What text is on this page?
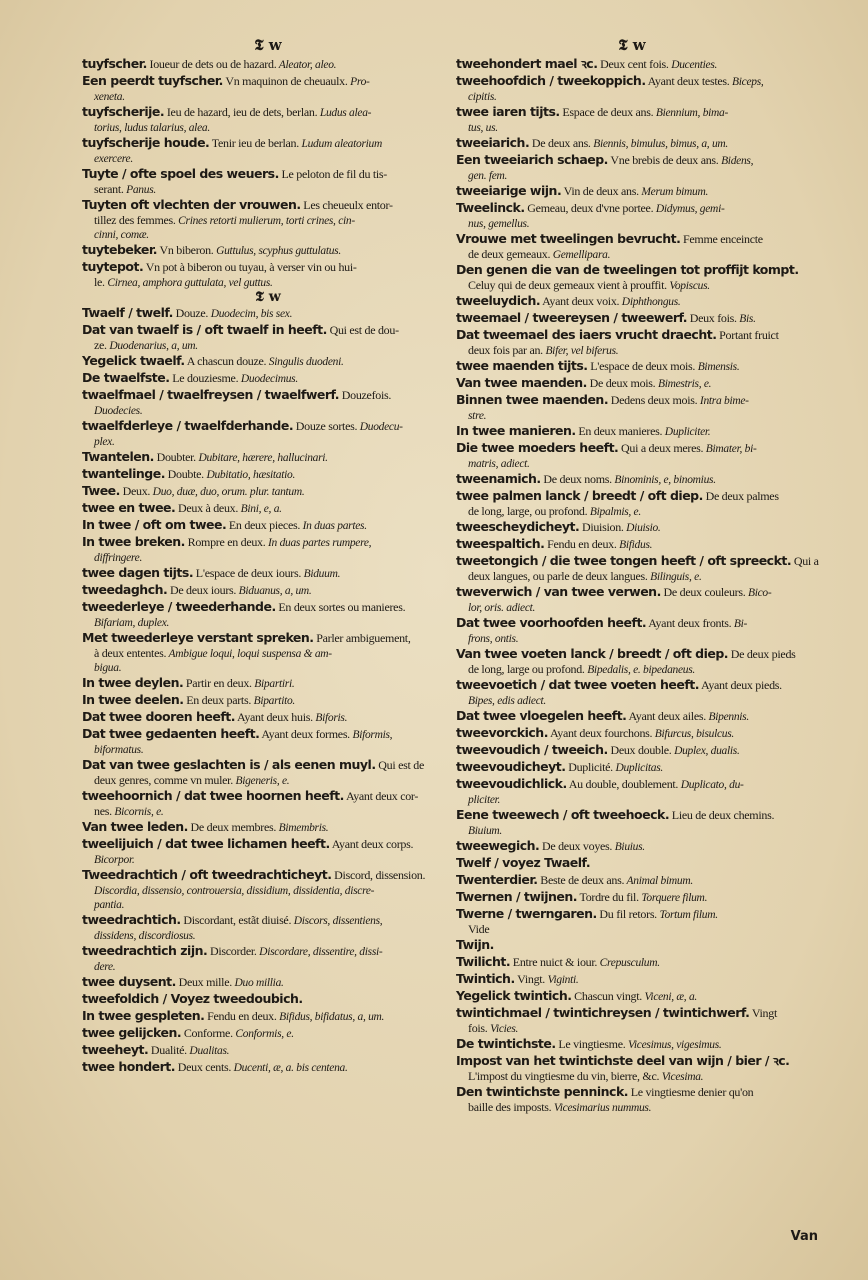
𝕿 w
tuyfscher. Ioueur de dets ou de hazard. Aleator, aleo.
Een peerdt tuyfscher. Vn maquinon de cheuaulx. Pro-
xeneta.
tuyfscherije. Ieu de hazard, ieu de dets, berlan. Ludus alea-
torius, ludus talarius, alea.
tuyfscherije houde. Tenir ieu de berlan. Ludum aleatorium
exercere.
Tuyte / ofte spoel des weuers. Le peloton de fil du tis-
serant. Panus.
Tuyten oft vlechten der vrouwen. Les cheueulx entor-
tillez des femmes. Crines retorti mulierum, torti crines, cin-
cinni, comæ.
tuytebeker. Vn biberon. Guttulus, scyphus guttulatus.
tuytepot. Vn pot à biberon ou tuyau, à verser vin ou hui-
le. Cirnea, amphora guttulata, vel guttus.
𝕿 w
Twaelf / twelf. Douze. Duodecim, bis sex.
Dat van twaelf is / oft twaelf in heeft. Qui est de dou-
ze. Duodenarius, a, um.
Yegelick twaelf. A chascun douze. Singulis duodeni.
De twaelfste. Le douziesme. Duodecimus.
twaelfmael / twaelfreysen / twaelfwerf. Douzefois.
Duodecies.
twaelfderleye / twaelfderhande. Douze sortes. Duodecu-
plex.
Twantelen. Doubter. Dubitare, hærere, hallucinari.
twantelinge. Doubte. Dubitatio, hæsitatio.
Twee. Deux. Duo, duæ, duo, orum. plur. tantum.
twee en twee. Deux à deux. Bini, e, a.
In twee / oft om twee. En deux pieces. In duas partes.
In twee breken. Rompre en deux. In duas partes rumpere,
diffringere.
twee dagen tijts. L'espace de deux iours. Biduum.
tweedaghch. De deux iours. Biduanus, a, um.
tweederleye / tweederhande. En deux sortes ou manieres.
Bifariam, duplex.
Met tweederleye verstant spreken. Parler ambiguement,
à deux ententes. Ambigue loqui, loqui suspensa & am-
bigua.
In twee deylen. Partir en deux. Bipartiri.
In twee deelen. En deux parts. Bipartito.
Dat twee dooren heeft. Ayant deux huis. Biforis.
Dat twee gedaenten heeft. Ayant deux formes. Biformis,
biformatus.
Dat van twee geslachten is / als eenen muyl. Qui est de
deux genres, comme vn muler. Bigeneris, e.
tweehoornich / dat twee hoornen heeft. Ayant deux cor-
nes. Bicornis, e.
Van twee leden. De deux membres. Bimembris.
tweelijuich / dat twee lichamen heeft. Ayant deux corps.
Bicorpor.
Tweedrachtich / oft tweedrachticheyt. Discord, dissension.
Discordia, dissensio, controuersia, dissidium, dissidentia, discre-
pantia.
tweedrachtich. Discordant, estãt diuisé. Discors, dissentiens,
dissidens, discordiosus.
tweedrachtich zijn. Discorder. Discordare, dissentire, dissi-
dere.
twee duysent. Deux mille. Duo millia.
tweefoldich / Voyez tweedoubich.
In twee gespleten. Fendu en deux. Bifidus, bifidatus, a, um.
twee gelijcken. Conforme. Conformis, e.
tweeheyt. Dualité. Dualitas.
twee hondert. Deux cents. Ducenti, æ, a. bis centena.
𝕿 w
tweehondert mael ꝛc. Deux cent fois. Ducenties.
tweehoofdich / tweekoppich. Ayant deux testes. Biceps,
cipitis.
twee iaren tijts. Espace de deux ans. Biennium, bima-
tus, us.
tweeiarich. De deux ans. Biennis, bimulus, bimus, a, um.
Een tweeiarich schaep. Vne brebis de deux ans. Bidens,
gen. fem.
tweeiarige wijn. Vin de deux ans. Merum bimum.
Tweelinck. Gemeau, deux d'vne portee. Didymus, gemi-
nus, gemellus.
Vrouwe met tweelingen bevrucht. Femme enceincte
de deux gemeaux. Gemellipara.
Den genen die van de tweelingen tot proffijt kompt.
Celuy qui de deux gemeaux vient à prouffit. Vopiscus.
tweeluydich. Ayant deux voix. Diphthongus.
tweemael / tweereysen / tweewerf. Deux fois. Bis.
Dat tweemael des iaers vrucht draecht. Portant fruict
deux fois par an. Bifer, vel biferus.
twee maenden tijts. L'espace de deux mois. Bimensis.
Van twee maenden. De deux mois. Bimestris, e.
Binnen twee maenden. Dedens deux mois. Intra bime-
stre.
In twee manieren. En deux manieres. Dupliciter.
Die twee moeders heeft. Qui a deux meres. Bimater, bi-
matris, adiect.
tweenamich. De deux noms. Binominis, e, binomius.
twee palmen lanck / breedt / oft diep. De deux palmes
de long, large, ou profond. Bipalmis, e.
tweescheydicheyt. Diuision. Diuisio.
tweespaltich. Fendu en deux. Bifidus.
tweetongich / die twee tongen heeft / oft spreeckt. Qui a
deux langues, ou parle de deux langues. Bilinguis, e.
tweverwich / van twee verwen. De deux couleurs. Bico-
lor, oris. adiect.
Dat twee voorhoofden heeft. Ayant deux fronts. Bi-
frons, ontis.
Van twee voeten lanck / breedt / oft diep. De deux pieds
de long, large ou profond. Bipedalis, e. bipedaneus.
tweevoetich / dat twee voeten heeft. Ayant deux pieds.
Bipes, edis adiect.
Dat twee vloegelen heeft. Ayant deux ailes. Bipennis.
tweevorckich. Ayant deux fourchons. Bifurcus, bisulcus.
tweevoudich / tweeich. Deux double. Duplex, dualis.
tweevoudicheyt. Duplicité. Duplicitas.
tweevoudichlick. Au double, doublement. Duplicato, du-
pliciter.
Eene tweewech / oft tweehoeck. Lieu de deux chemins.
Biuium.
tweewegich. De deux voyes. Biuius.
Twelf / voyez Twaelf.
Twenterdier. Beste de deux ans. Animal bimum.
Twernen / twijnen. Tordre du fil. Torquere filum.
Twerne / twerngaren. Du fil retors. Tortum filum.
Vide
Twijn.
Twilicht. Entre nuict & iour. Crepusculum.
Twintich. Vingt. Viginti.
Yegelick twintich. Chascun vingt. Viceni, æ, a.
twintichmael / twintichreysen / twintichwerf. Vingt
fois. Vicies.
De twintichste. Le vingtiesme. Vicesimus, vigesimus.
Impost van het twintichste deel van wijn / bier / ꝛc.
L'impost du vingtiesme du vin, bierre, &c. Vicesima.
Den twintichste penninck. Le vingtiesme denier qu'on
baille des imposts. Vicesimarius nummus.
Van
